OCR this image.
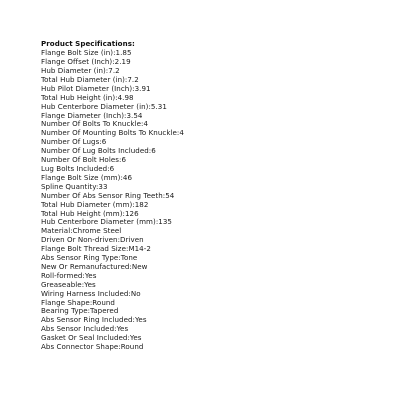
Product Specifications:
Flange Bolt Size (in):1.85
Flange Offset (Inch):2.19
Hub Diameter (in):7.2
Total Hub Diameter (in):7.2
Hub Pilot Diameter (Inch):3.91
Total Hub Height (in):4.98
Hub Centerbore Diameter (in):5.31
Flange Diameter (Inch):3.54
Number Of Bolts To Knuckle:4
Number Of Mounting Bolts To Knuckle:4
Number Of Lugs:6
Number Of Lug Bolts Included:6
Number Of Bolt Holes:6
Lug Bolts Included:6
Flange Bolt Size (mm):46
Spline Quantity:33
Number Of Abs Sensor Ring Teeth:54
Total Hub Diameter (mm):182
Total Hub Height (mm):126
Hub Centerbore Diameter (mm):135
Material:Chrome Steel
Driven Or Non-driven:Driven
Flange Bolt Thread Size:M14-2
Abs Sensor Ring Type:Tone
New Or Remanufactured:New
Roll-formed:Yes
Greaseable:Yes
Wiring Harness Included:No
Flange Shape:Round
Bearing Type:Tapered
Abs Sensor Ring Included:Yes
Abs Sensor Included:Yes
Gasket Or Seal Included:Yes
Abs Connector Shape:Round
